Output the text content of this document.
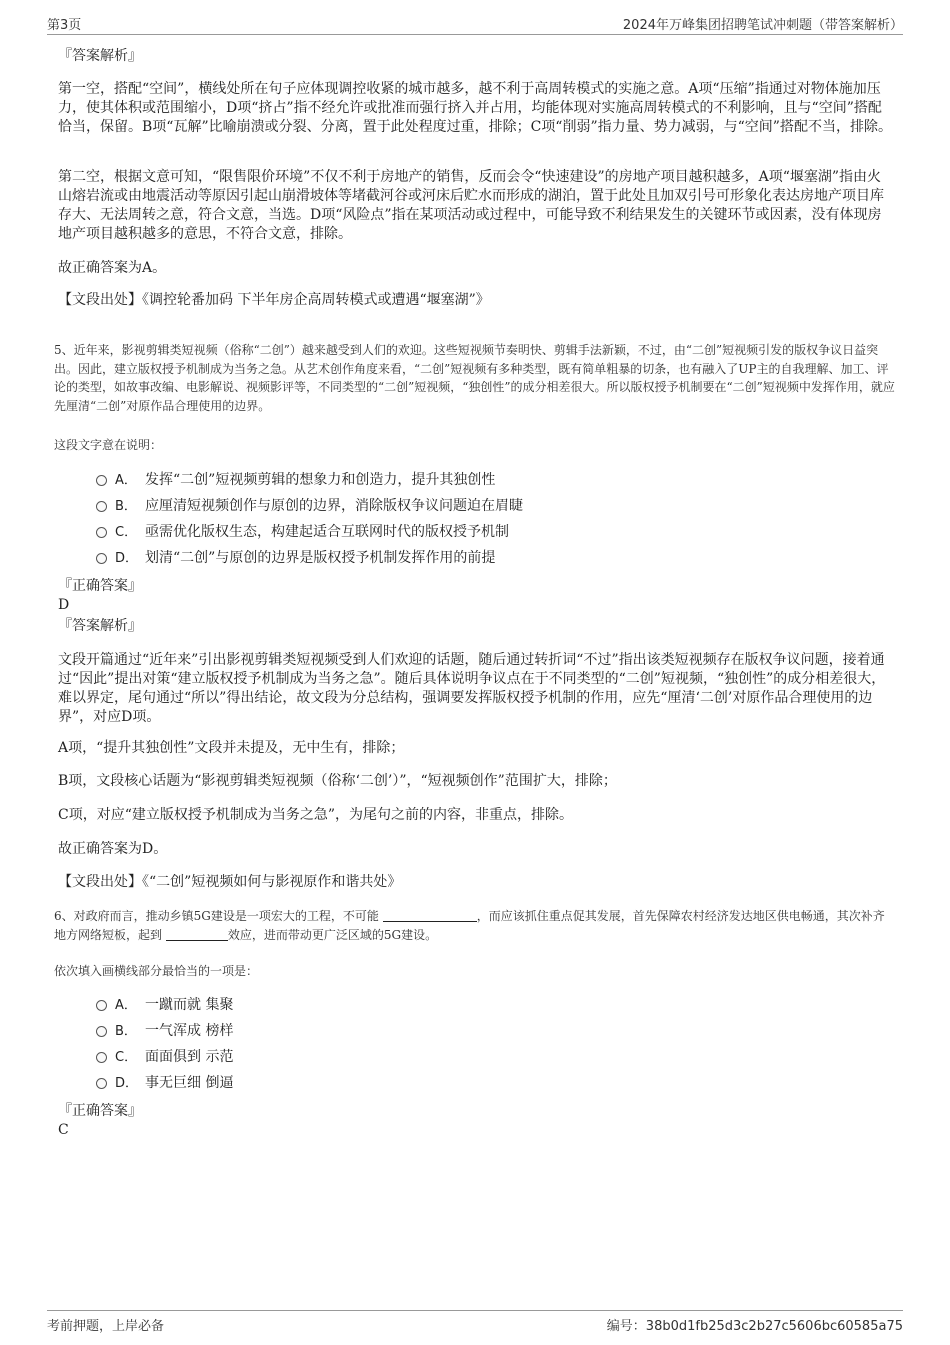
第3页	2024年万峰集团招聘笔试冲刺题（带答案解析）
『答案解析』

第一空，搭配“空间”，横线处所在句子应体现调控收紧的城市越多，越不利于高周转模式的实施之意。A项“压缩”指通过对物体施加压力，使其体积或范围缩小，D项“挤占”指不经允许或批准而强行挤入并占用，均能体现对实施高周转模式的不利影响，且与“空间”搭配恰当，保留。B项“瓦解”比喻崩溃或分裂、分离，置于此处程度过重，排除；C项“削弱”指力量、势力减弱，与“空间”搭配不当，排除。

第二空，根据文意可知，“限售限价环境”不仅不利于房地产的销售，反而会令“快速建设”的房地产项目越积越多，A项“堰塞湖”指由火山熔岩流或由地震活动等原因引起山崩滑坡体等堵截河谷或河床后贮水而形成的湖泊，置于此处且加双引号可形象化表达房地产项目库存大、无法周转之意，符合文意，当选。D项“风险点”指在某项活动或过程中，可能导致不利结果发生的关键环节或因素，没有体现房地产项目越积越多的意思，不符合文意，排除。

故正确答案为A。
【文段出处】《调控轮番加码 下半年房企高周转模式或遭遇“堰塞湖”》

5、近年来，影视剪辑类短视频（俗称“二创”）越来越受到人们的欢迎。这些短视频节奏明快、剪辑手法新颖，不过，由“二创”短视频引发的版权争议日益突出。因此，建立版权授予机制成为当务之急。从艺术创作角度来看，“二创”短视频有多种类型，既有简单粗暴的切条，也有融入了UP主的自我理解、加工、评论的类型，如故事改编、电影解说、视频影评等，不同类型的“二创”短视频，“独创性”的成分相差很大。所以版权授予机制要在“二创”短视频中发挥作用，就应先厘清“二创”对原作品合理使用的边界。

这段文字意在说明：
A． 发挥“二创”短视频剪辑的想象力和创造力，提升其独创性
B． 应厘清短视频创作与原创的边界，消除版权争议问题迫在眉睫
C． 亟需优化版权生态，构建起适合互联网时代的版权授予机制
D． 划清“二创”与原创的边界是版权授予机制发挥作用的前提
『正确答案』
D
『答案解析』

文段开篇通过“近年来”引出影视剪辑类短视频受到人们欢迎的话题，随后通过转折词“不过”指出该类短视频存在版权争议问题，接着通过“因此”提出对策“建立版权授予机制成为当务之急”。随后具体说明争议点在于不同类型的“二创”短视频，“独创性”的成分相差很大，难以界定，尾句通过“所以”得出结论，故文段为分总结构，强调要发挥版权授予机制的作用，应先“厘清‘二创’对原作品合理使用的边界”，对应D项。

A项，“提升其独创性”文段并未提及，无中生有，排除；
B项，文段核心话题为“影视剪辑类短视频（俗称‘二创’）”，“短视频创作”范围扩大，排除；
C项，对应“建立版权授予机制成为当务之急”，为尾句之前的内容，非重点，排除。
故正确答案为D。
【文段出处】《“二创”短视频如何与影视原作和谐共处》

6、对政府而言，推动乡镇5G建设是一项宏大的工程，不可能	，而应该抓住重点促其发展，首先保障农村经济发达地区供电畅通，其次补齐地方网络短板，起到	效应，进而带动更广泛区域的5G建设。

依次填入画横线部分最恰当的一项是：
A． 一蹴而就 集聚
B． 一气浑成 榜样
C． 面面俱到 示范
D． 事无巨细 倒逼
『正确答案』
C
考前押题，上岸必备	编号：38b0d1fb25d3c2b27c5606bc60585a75
